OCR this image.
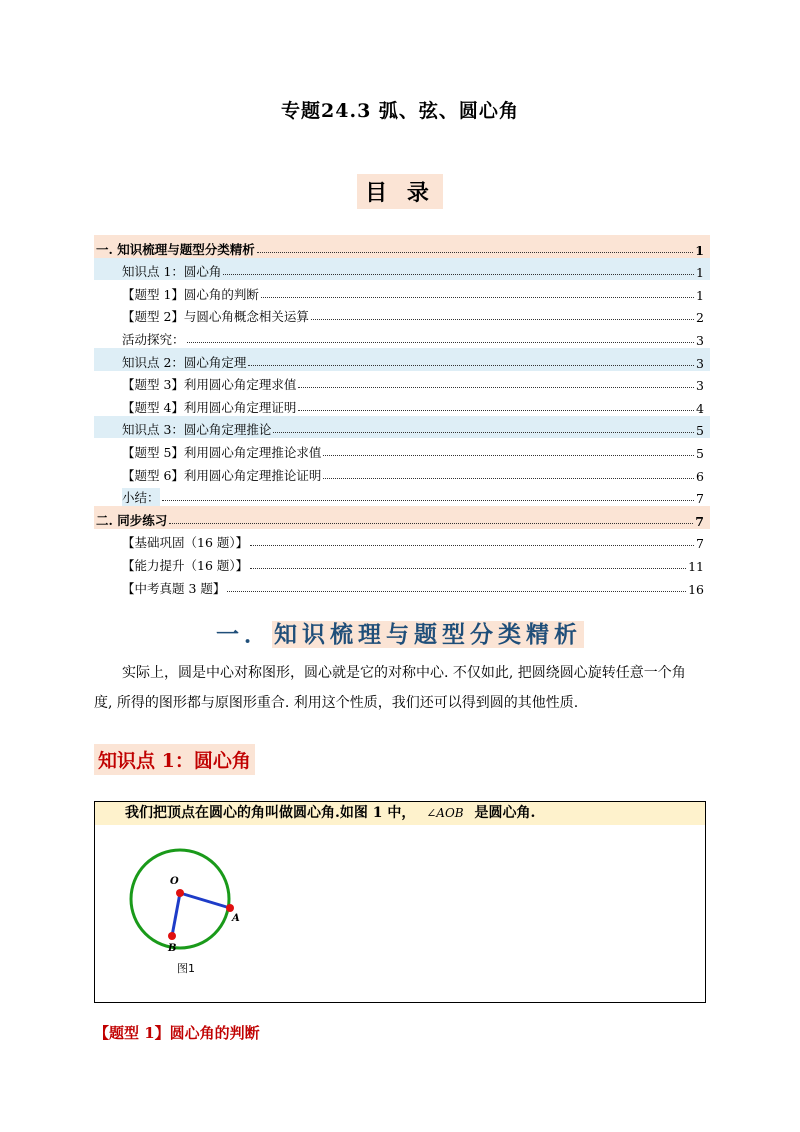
专题24.3 弧、弦、圆心角
目 录
一. 知识梳理与题型分类精析	1
知识点 1：圆心角	1
【题型 1】圆心角的判断	1
【题型 2】与圆心角概念相关运算	2
活动探究：	3
知识点 2：圆心角定理	3
【题型 3】利用圆心角定理求值	3
【题型 4】利用圆心角定理证明	4
知识点 3：圆心角定理推论	5
【题型 5】利用圆心角定理推论求值	5
【题型 6】利用圆心角定理推论证明	6
小结：	7
二. 同步练习	7
【基础巩固（16 题）】	7
【能力提升（16 题）】	11
【中考真题 3 题】	16
一．知识梳理与题型分类精析
实际上，圆是中心对称图形，圆心就是它的对称中心. 不仅如此, 把圆绕圆心旋转任意一个角
度, 所得的图形都与原图形重合. 利用这个性质，我们还可以得到圆的其他性质.
知识点 1：圆心角
我们把顶点在圆心的角叫做圆心角.如图 1 中， ∠AOB 是圆心角.
O
A
B
图1
【题型 1】圆心角的判断
